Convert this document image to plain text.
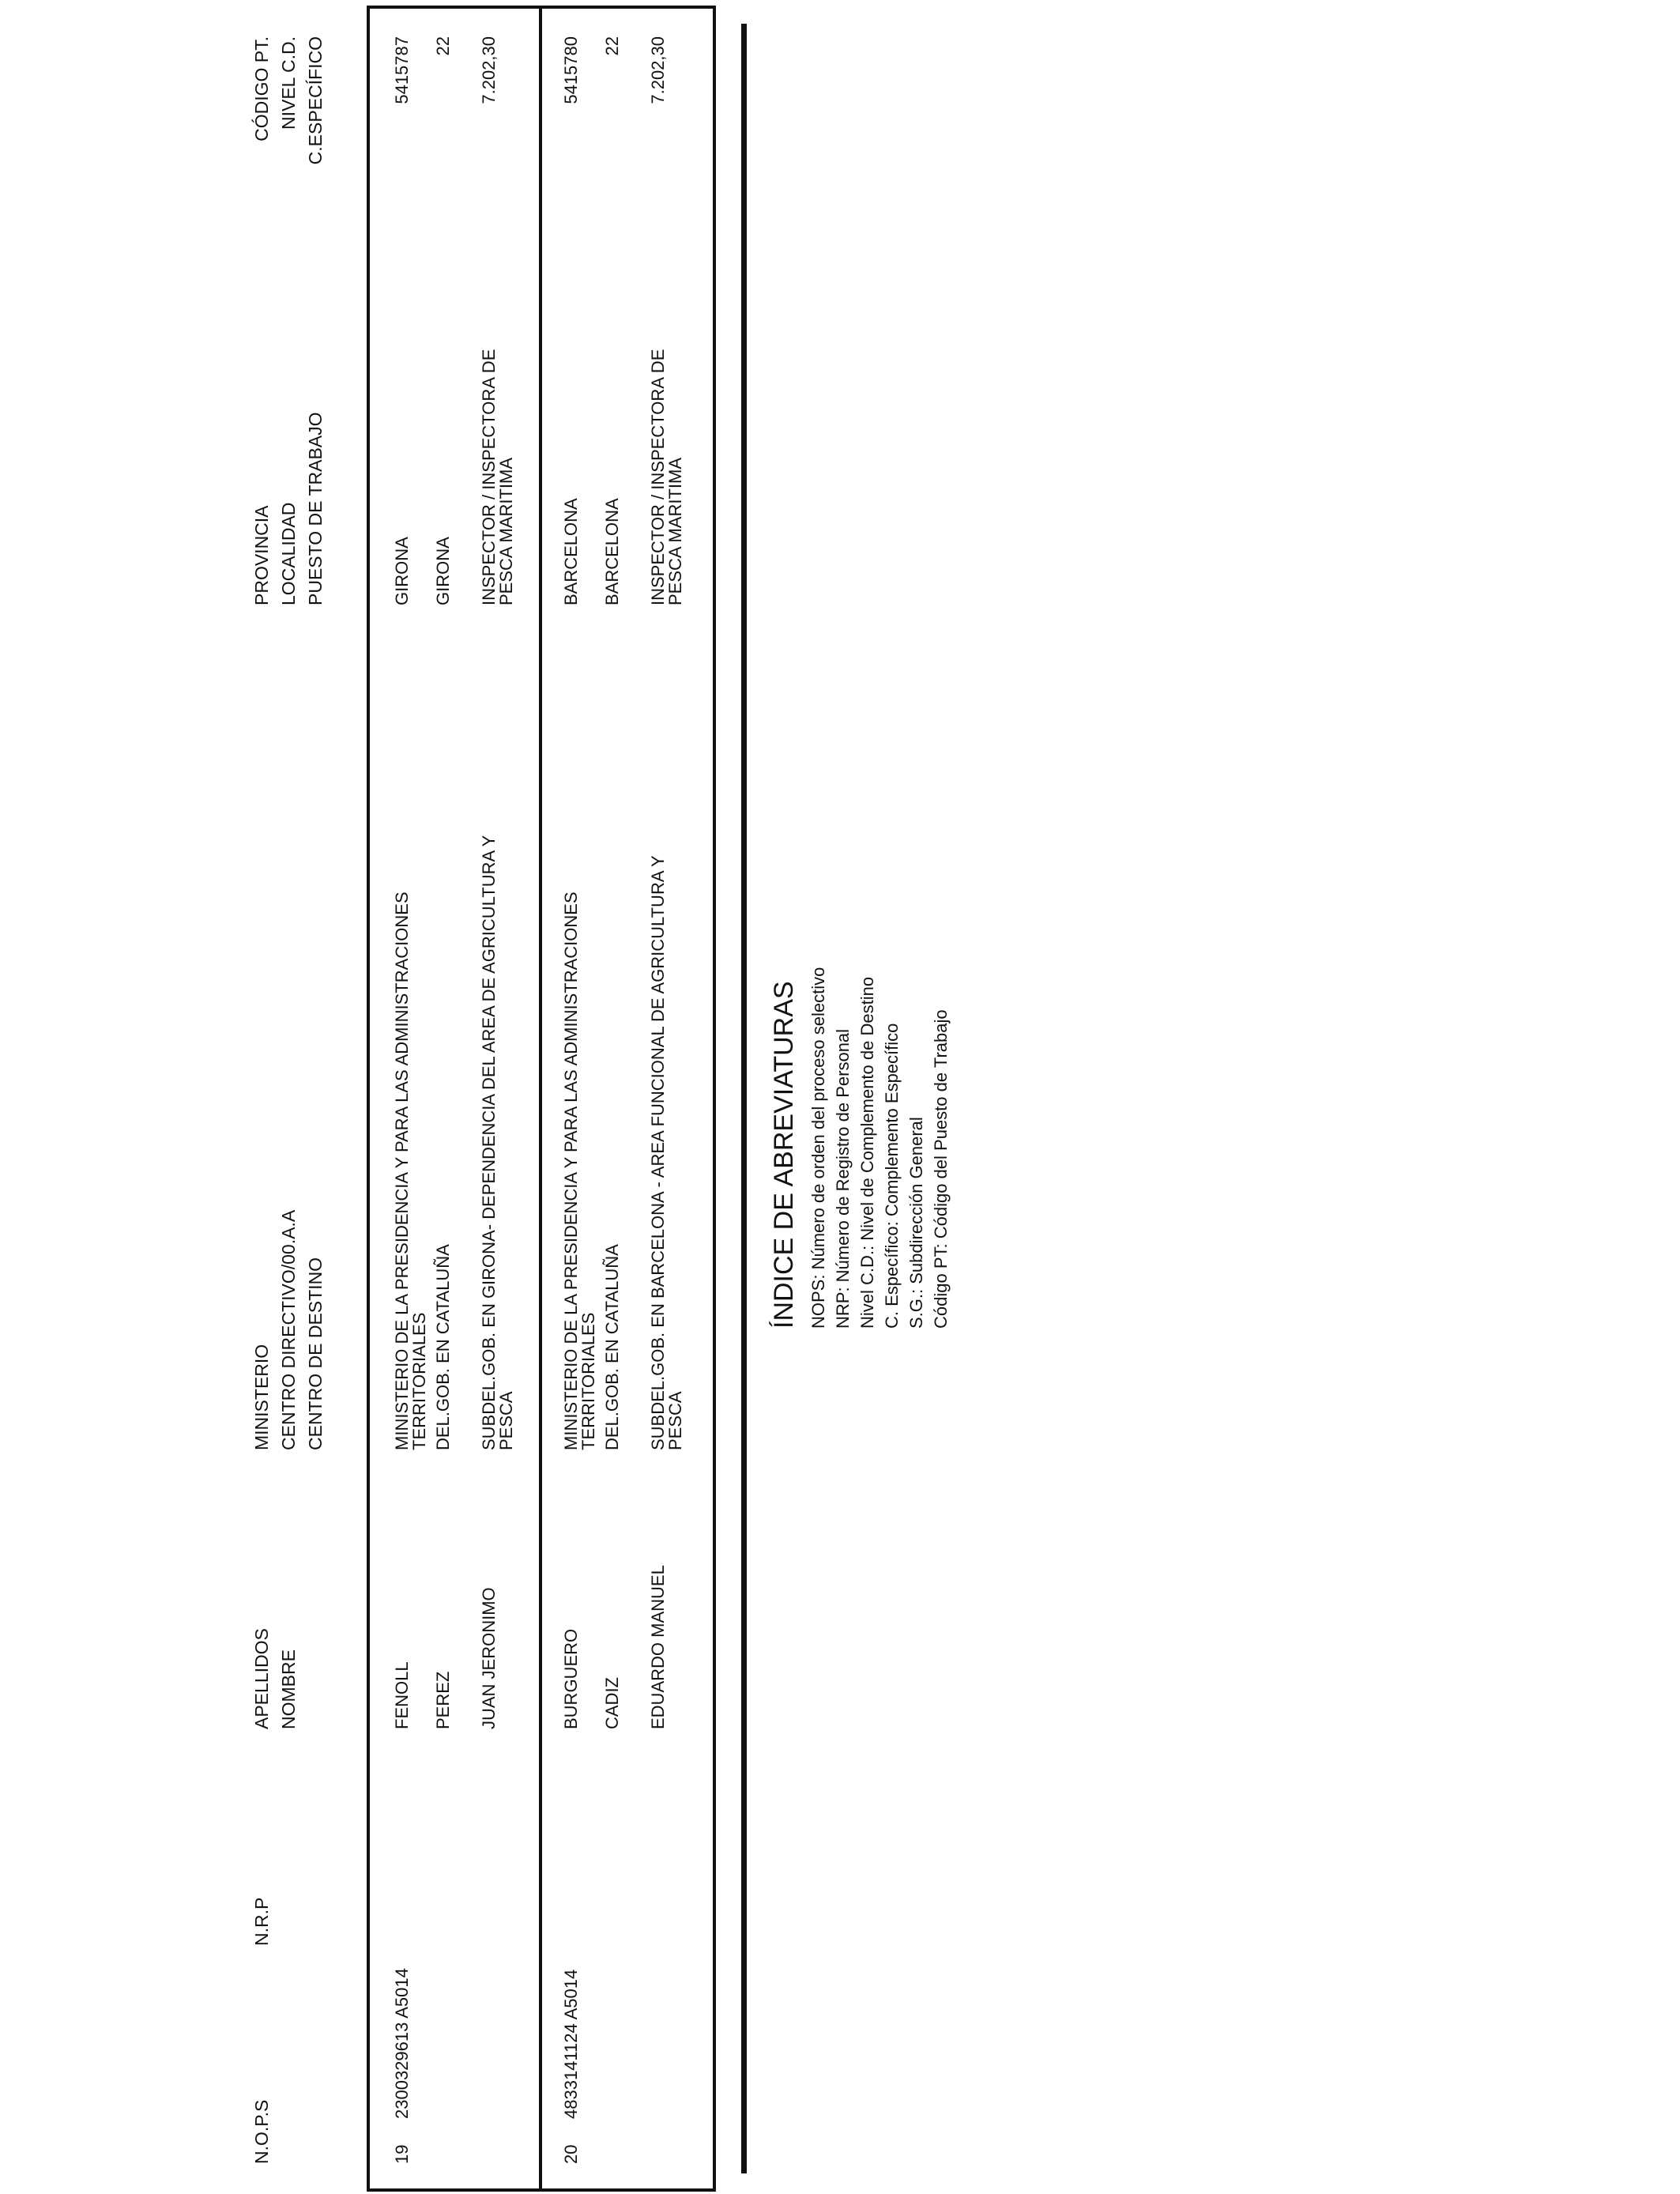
N.O.P.S
N.R.P
APELLIDOS NOMBRE
MINISTERIO CENTRO DIRECTIVO/00.A.A CENTRO DE DESTINO
PROVINCIA LOCALIDAD PUESTO DE TRABAJO
CÓDIGO PT. NIVEL C.D. C.ESPECÍFICO
19
2300329613 A5014
FENOLL PEREZ JUAN JERONIMO
MINISTERIO DE LA PRESIDENCIA Y PARA LAS ADMINISTRACIONES
TERRITORIALES DEL.GOB. EN CATALUÑA SUBDEL.GOB. EN GIRONA- DEPENDENCIA DEL AREA DE AGRICULTURA Y
PESCA
GIRONA GIRONA INSPECTOR / INSPECTORA DE
PESCA MARITIMA
5415787 22 7.202,30
20
4833141124 A5014
BURGUERO CADIZ EDUARDO MANUEL
MINISTERIO DE LA PRESIDENCIA Y PARA LAS ADMINISTRACIONES
TERRITORIALES DEL.GOB. EN CATALUÑA SUBDEL.GOB. EN BARCELONA - AREA FUNCIONAL DE AGRICULTURA Y
PESCA
BARCELONA BARCELONA INSPECTOR / INSPECTORA DE
PESCA MARITIMA
5415780 22 7.202,30
ÍNDICE DE ABREVIATURAS NOPS: Número de orden del proceso selectivo NRP: Número de Registro de Personal Nivel C.D.: Nivel de Complemento de Destino C. Específico: Complemento Específico S.G.: Subdirección General Código PT: Código del Puesto de Trabajo
